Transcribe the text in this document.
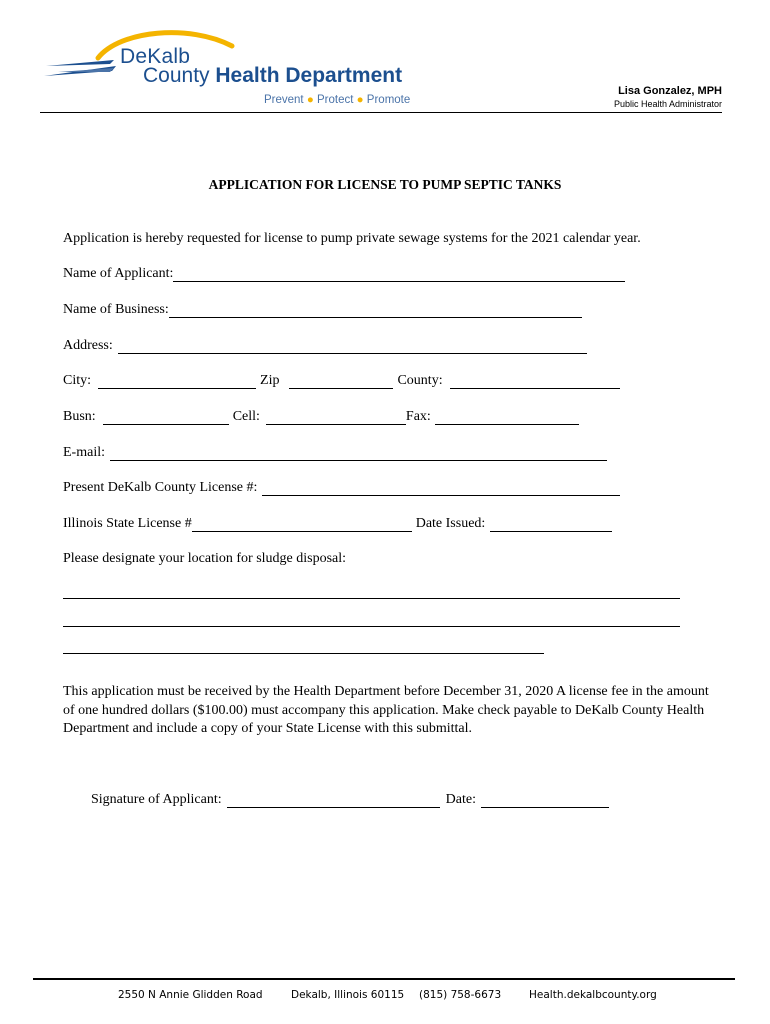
DeKalb
County Health Department
Prevent ● Protect ● Promote
Lisa Gonzalez, MPH
Public Health Administrator
APPLICATION FOR LICENSE TO PUMP SEPTIC TANKS
Application is hereby requested for license to pump private sewage systems for the 2021 calendar year.
Name of Applicant:
Name of Business:
Address:
City:	Zip	County:
Busn:	Cell:	Fax:
E-mail:
Present DeKalb County License #:
Illinois State License #	Date Issued:
Please designate your location for sludge disposal:
This application must be received by the Health Department before December 31, 2020 A license fee in the amount of one hundred dollars ($100.00) must accompany this application. Make check payable to DeKalb County Health Department and include a copy of your State License with this submittal.
Signature of Applicant:	Date:
2550 N Annie Glidden Road	Dekalb, Illinois 60115 (815) 758-6673	Health.dekalbcounty.org
